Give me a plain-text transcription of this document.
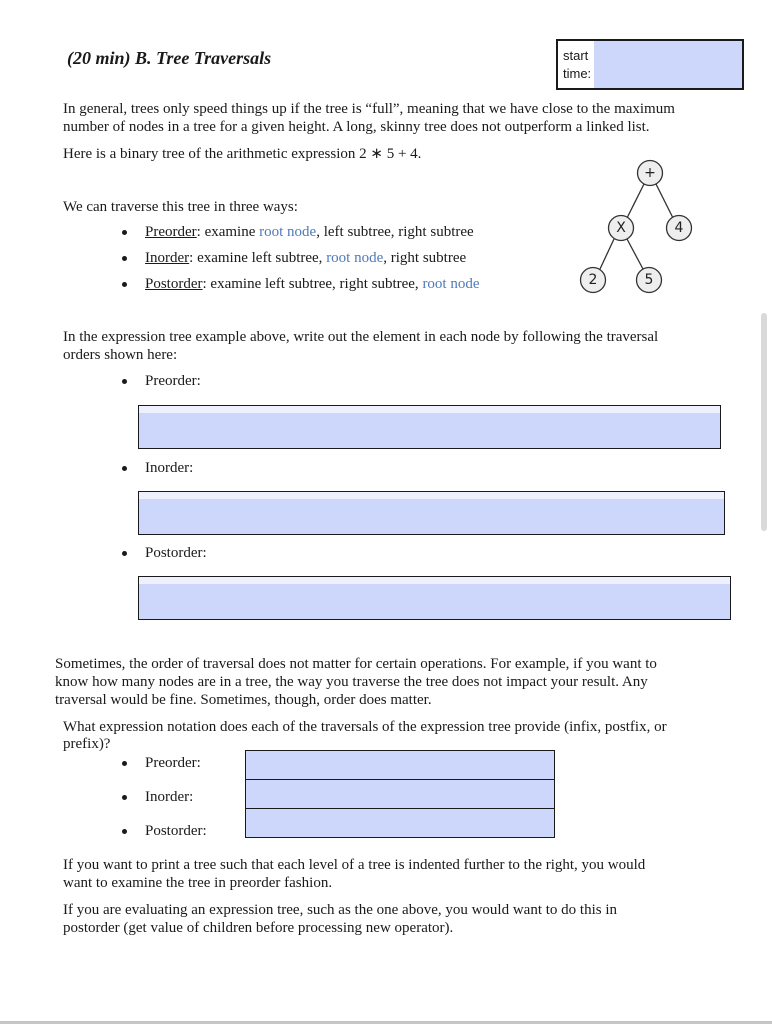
(20 min) B. Tree Traversals	start
time:
In general, trees only speed things up if the tree is “full”, meaning that we have close to the maximum
number of nodes in a tree for a given height. A long, skinny tree does not outperform a linked list.
Here is a binary tree of the arithmetic expression 2 ∗ 5 + 4.
+
X	4
2	5
We can traverse this tree in three ways:
Preorder: examine root node, left subtree, right subtree
Inorder: examine left subtree, root node, right subtree
Postorder: examine left subtree, right subtree, root node
In the expression tree example above, write out the element in each node by following the traversal
orders shown here:
Preorder:
Inorder:
Postorder:
Sometimes, the order of traversal does not matter for certain operations. For example, if you want to
know how many nodes are in a tree, the way you traverse the tree does not impact your result. Any
traversal would be fine. Sometimes, though, order does matter.
What expression notation does each of the traversals of the expression tree provide (infix, postfix, or
prefix)?
Preorder:
Inorder:
Postorder:
If you want to print a tree such that each level of a tree is indented further to the right, you would
want to examine the tree in preorder fashion.
If you are evaluating an expression tree, such as the one above, you would want to do this in
postorder (get value of children before processing new operator).
